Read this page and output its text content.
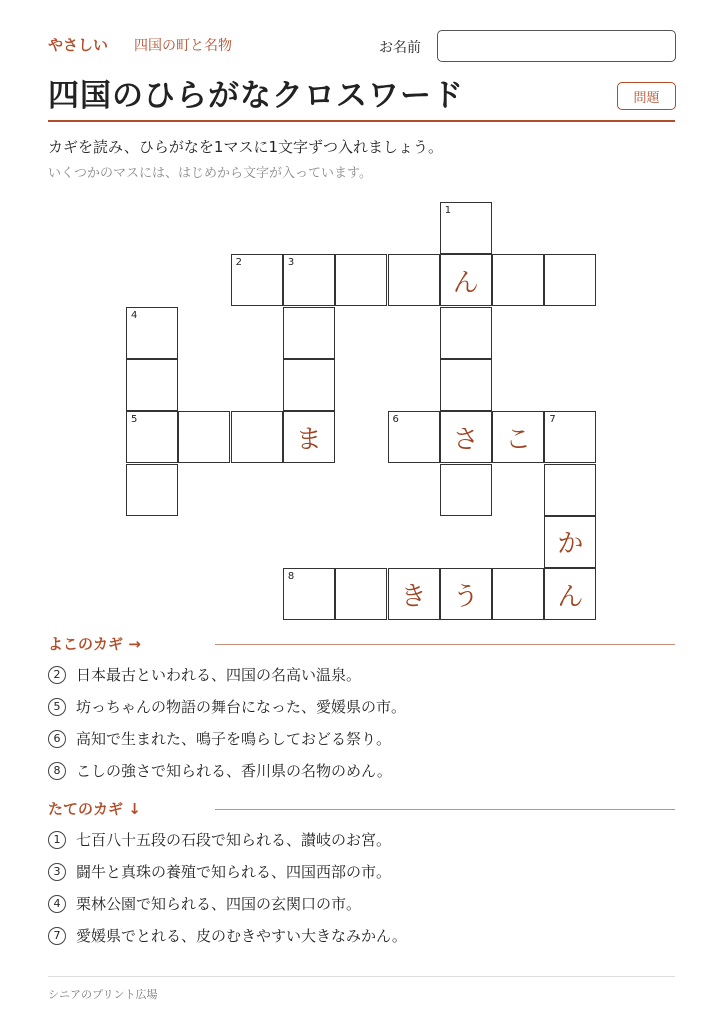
やさしい 四国の町と名物	お名前
四国のひらがなクロスワード	問題
カギを読み、ひらがなを1マスに1文字ずつ入れましょう。
いくつかのマスには、はじめから文字が入っています。
1
2	3
ん
4
5
ま
6
さ	こ
7
か
8
き	う	ん
よこのカギ →
2	日本最古といわれる、四国の名高い温泉。
5	坊っちゃんの物語の舞台になった、愛媛県の市。
6	高知で生まれた、鳴子を鳴らしておどる祭り。
8	こしの強さで知られる、香川県の名物のめん。
たてのカギ ↓
1	七百八十五段の石段で知られる、讃岐のお宮。
3	闘牛と真珠の養殖で知られる、四国西部の市。
4	栗林公園で知られる、四国の玄関口の市。
7	愛媛県でとれる、皮のむきやすい大きなみかん。
シニアのプリント広場
